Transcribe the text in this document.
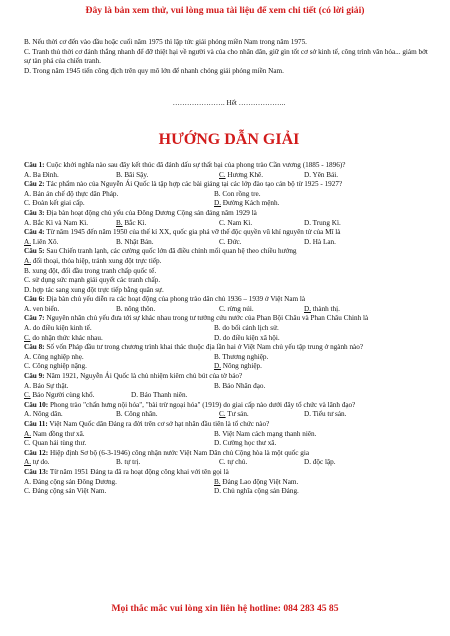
Đây là bản xem thử, vui lòng mua tài liệu để xem chi tiết (có lời giải)
B. Nếu thời cơ đến vào đầu hoặc cuối năm 1975 thì lập tức giải phóng miền Nam trong năm 1975.
C. Tranh thủ thời cơ đánh thắng nhanh để đỡ thiệt hại về người và của cho nhân dân, giữ gìn tốt cơ sở kinh tế, công trình văn hóa... giảm bớt sự tàn phá của chiến tranh.
D. Trong năm 1945 tiến công địch trên quy mô lớn để nhanh chóng giải phóng miền Nam.
…………………. Hết ………………..
HƯỚNG DẪN GIẢI
Câu 1: Cuộc khởi nghĩa nào sau đây kết thúc đã đánh dấu sự thất bại của phong trào Cần vương (1885 - 1896)?
A. Ba Đình.	B. Bãi Sậy.	C. Hương Khê.	D. Yên Bái.
Câu 2: Tác phẩm nào của Nguyễn Ái Quốc là tập hợp các bài giảng tại các lớp đào tạo cán bộ từ 1925 - 1927?
A. Bản án chế độ thực dân Pháp.	B. Con rồng tre.
C. Đoàn kết giai cấp.	D. Đường Kách mệnh.
Câu 3: Địa bàn hoạt động chủ yếu của Đông Dương Cộng sản đảng năm 1929 là
A. Bắc Kì và Nam Kì.	B. Bắc Kì.	C. Nam Kì.	D. Trung Kì.
Câu 4: Từ năm 1945 đến năm 1950 của thế kỉ XX, quốc gia phá vỡ thế độc quyền vũ khí nguyên tử của Mĩ là
A. Liên Xô.	B. Nhật Bản.	C. Đức.	D. Hà Lan.
Câu 5: Sau Chiến tranh lạnh, các cường quốc lớn đã điều chỉnh mối quan hệ theo chiều hướng
A. đối thoại, thỏa hiệp, tránh xung đột trực tiếp.
B. xung đột, đối đầu trong tranh chấp quốc tế.
C. sử dụng sức mạnh giải quyết các tranh chấp.
D. hợp tác sang xung đột trực tiếp bằng quân sự.
Câu 6: Địa bàn chủ yếu diễn ra các hoạt động của phong trào dân chủ 1936 – 1939 ở Việt Nam là
A. ven biển.	B. nông thôn.	C. rừng núi.	D. thành thị.
Câu 7: Nguyên nhân chủ yếu đưa tới sự khác nhau trong tư tưởng cứu nước của Phan Bội Châu và Phan Châu Chinh là
A. do điều kiện kinh tế.	B. do bối cảnh lịch sử.
C. do nhận thức khác nhau.	D. do điều kiện xã hội.
Câu 8: Số vốn Pháp đầu tư trong chương trình khai thác thuộc địa lần hai ở Việt Nam chủ yếu tập trung ở ngành nào?
A. Công nghiệp nhẹ.	B. Thương nghiệp.
C. Công nghiệp nặng.	D. Nông nghiệp.
Câu 9: Năm 1921, Nguyễn Ái Quốc là chủ nhiệm kiêm chủ bút của tờ báo?
A. Báo Sự thật.	B. Báo Nhân đạo.
C. Báo Người cùng khổ.	D. Báo Thanh niên.
Câu 10: Phong trào "chấn hưng nội hóa", "bài trừ ngoại hóa" (1919) do giai cấp nào dưới đây tổ chức và lãnh đạo?
A. Nông dân.	B. Công nhân.	C. Tư sản.	D. Tiểu tư sản.
Câu 11: Việt Nam Quốc dân Đảng ra đời trên cơ sở hạt nhân đầu tiên là tổ chức nào?
A. Nam đồng thư xã.	B. Việt Nam cách mạng thanh niên.
C. Quan hải tùng thư.	D. Cường học thư xã.
Câu 12: Hiệp định Sơ bộ (6-3-1946) công nhận nước Việt Nam Dân chủ Cộng hòa là một quốc gia
A. tự do.	B. tự trị.	C. tự chủ.	D. độc lập.
Câu 13: Từ năm 1951 Đảng ta đã ra hoạt động công khai với tên gọi là
A. Đảng cộng sản Đông Dương.	B. Đảng Lao động Việt Nam.
C. Đảng cộng sản Việt Nam.	D. Chủ nghĩa cộng sản Đảng.
Mọi thắc mắc vui lòng xin liên hệ hotline: 084 283 45 85
